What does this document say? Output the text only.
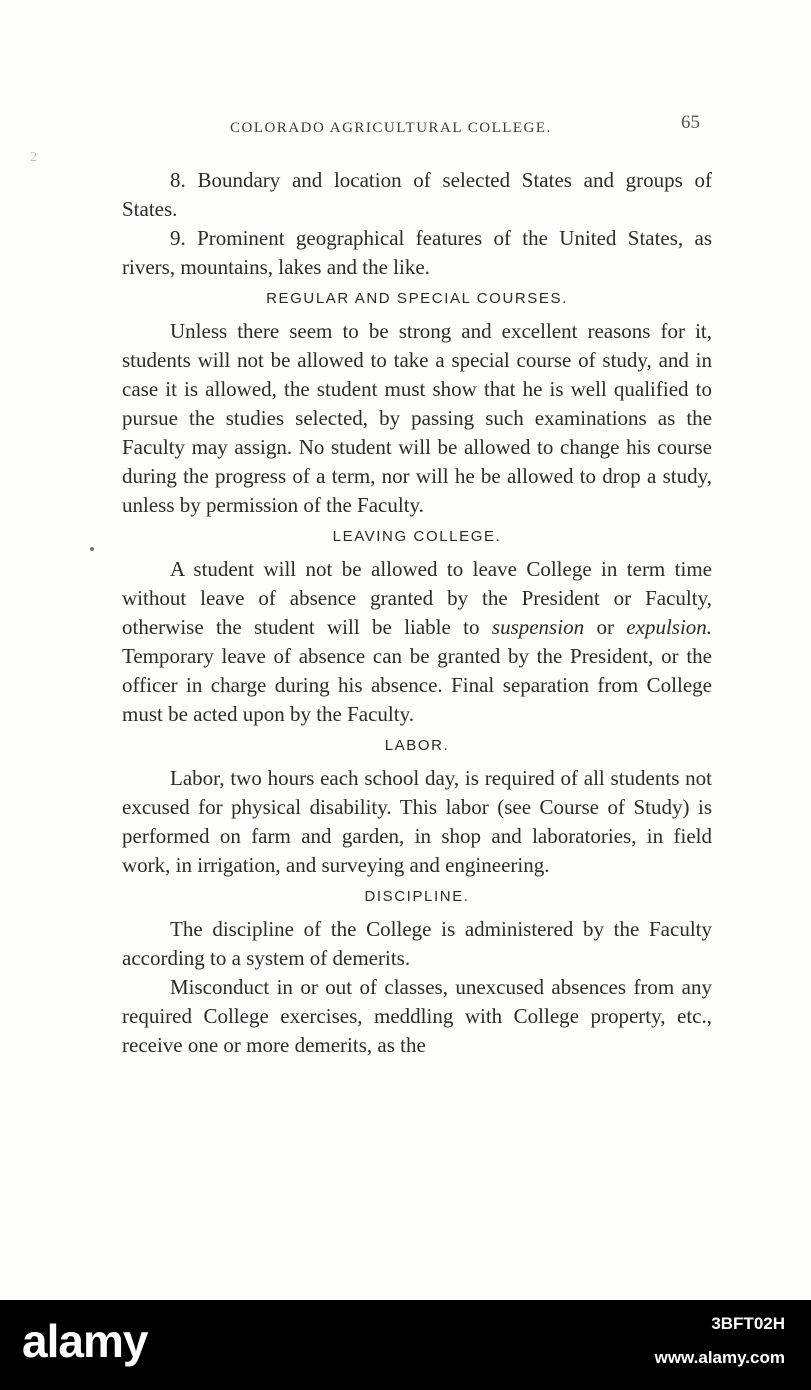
2
COLORADO AGRICULTURAL COLLEGE.	65

8. Boundary and location of selected States and groups of States.

9. Prominent geographical features of the United States, as rivers, mountains, lakes and the like.

REGULAR AND SPECIAL COURSES.

Unless there seem to be strong and excellent reasons for it, students will not be allowed to take a special course of study, and in case it is allowed, the student must show that he is well qualified to pursue the studies selected, by passing such examinations as the Faculty may assign. No student will be allowed to change his course during the progress of a term, nor will he be allowed to drop a study, unless by permission of the Faculty.

LEAVING COLLEGE.

A student will not be allowed to leave College in term time without leave of absence granted by the President or Faculty, otherwise the student will be liable to suspension or expulsion. Temporary leave of absence can be granted by the President, or the officer in charge during his absence. Final separation from College must be acted upon by the Faculty.

LABOR.

Labor, two hours each school day, is required of all students not excused for physical disability. This labor (see Course of Study) is performed on farm and garden, in shop and laboratories, in field work, in irrigation, and surveying and engineering.

DISCIPLINE.

The discipline of the College is administered by the Faculty according to a system of demerits.

Misconduct in or out of classes, unexcused absences from any required College exercises, meddling with College property, etc., receive one or more demerits, as the

alamy	3BFT02H
www.alamy.com
